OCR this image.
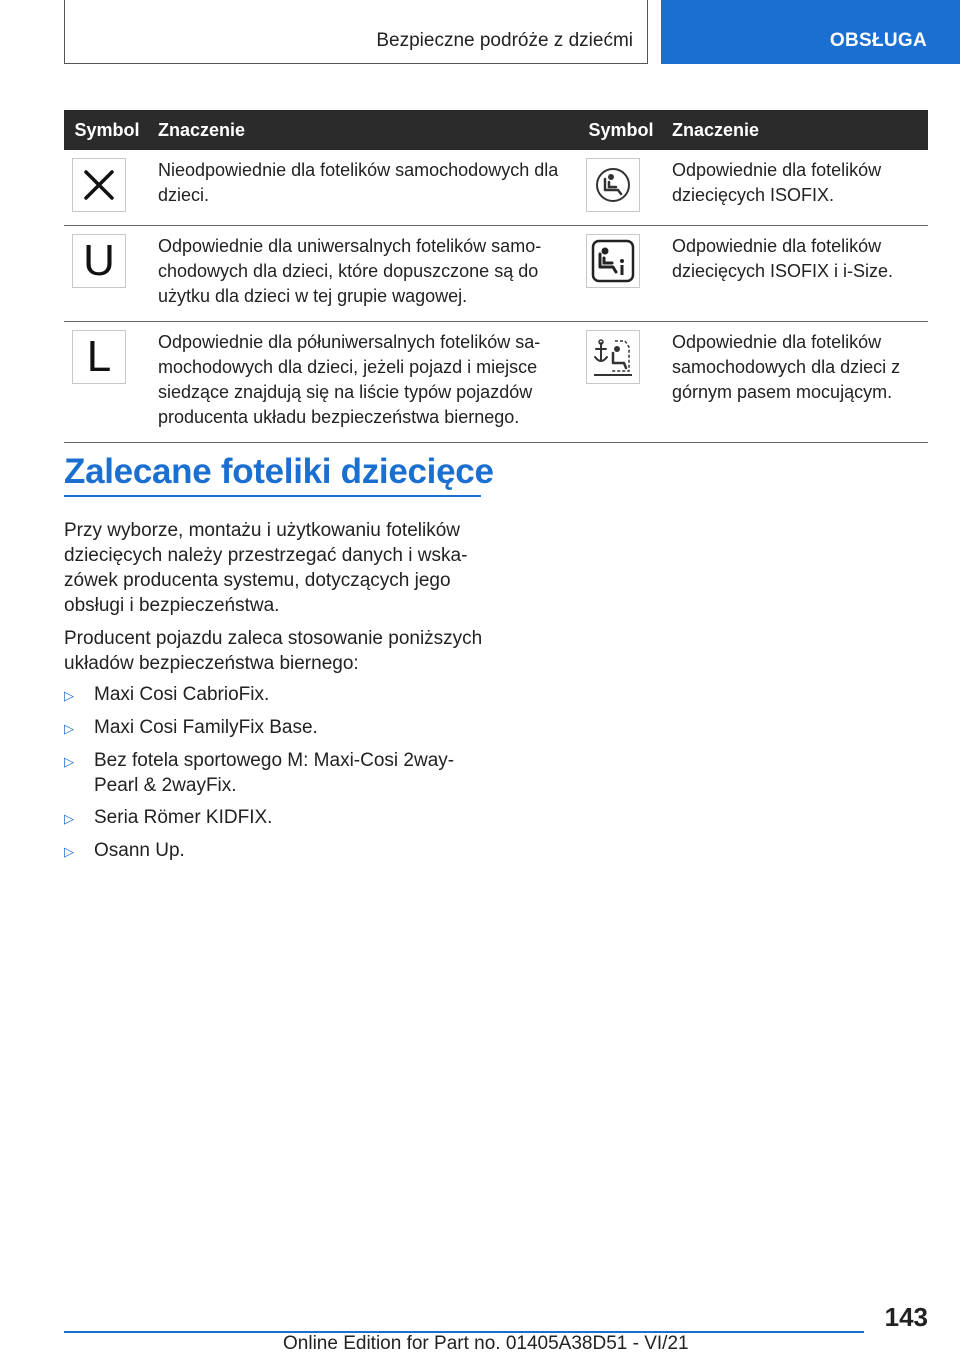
Bezpieczne podróże z dziećmi	OBSŁUGA
Symbol	Znaczenie	Symbol	Znaczenie

	Nieodpowiednie dla fotelików samochodowych dla dzieci.		Odpowiednie dla fotelików dziecięcych ISOFIX.

U	Odpowiednie dla uniwersalnych fotelików samochodowych dla dzieci, które dopuszczone są do użytku dla dzieci w tej grupie wagowej.		Odpowiednie dla fotelików dziecięcych ISOFIX i i-Size.

L	Odpowiednie dla półuniwersalnych fotelików samochodowych dla dzieci, jeżeli pojazd i miejsce siedzące znajdują się na liście typów pojazdów producenta układu bezpieczeństwa biernego.		Odpowiednie dla fotelików samochodowych dla dzieci z górnym pasem mocującym.
Zalecane foteliki dziecięce
Przy wyborze, montażu i użytkowaniu fotelików dziecięcych należy przestrzegać danych i wskazówek producenta systemu, dotyczących jego obsługi i bezpieczeństwa.
Producent pojazdu zaleca stosowanie poniższych układów bezpieczeństwa biernego:
▷	Maxi Cosi CabrioFix.
▷	Maxi Cosi FamilyFix Base.
▷	Bez fotela sportowego M: Maxi-Cosi 2wayPearl & 2wayFix.
▷	Seria Römer KIDFIX.
▷	Osann Up.
143
Online Edition for Part no. 01405A38D51 - VI/21
